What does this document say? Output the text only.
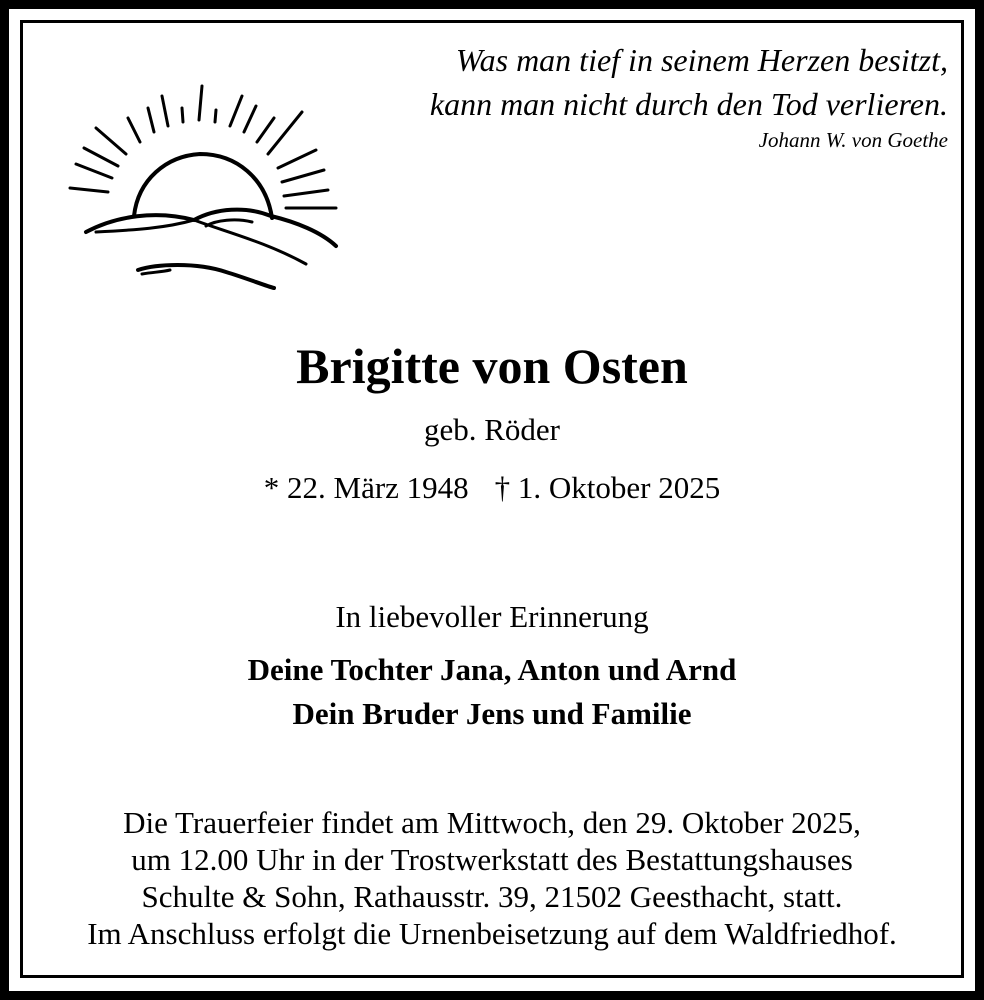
Was man tief in seinem Herzen besitzt,
kann man nicht durch den Tod verlieren.
Johann W. von Goethe
Brigitte von Osten
geb. Röder
* 22. März 1948 † 1. Oktober 2025
In liebevoller Erinnerung
Deine Tochter Jana, Anton und Arnd
Dein Bruder Jens und Familie
Die Trauerfeier findet am Mittwoch, den 29. Oktober 2025,
um 12.00 Uhr in der Trostwerkstatt des Bestattungshauses
Schulte & Sohn, Rathausstr. 39, 21502 Geesthacht, statt.
Im Anschluss erfolgt die Urnenbeisetzung auf dem Waldfriedhof.
